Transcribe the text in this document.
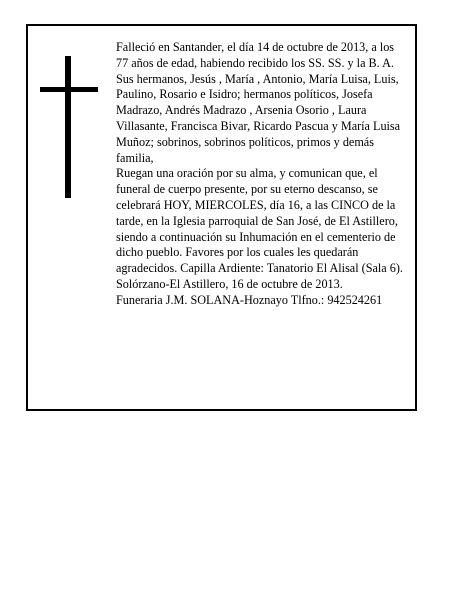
Falleció en Santander, el día 14 de octubre de 2013, a los 77 años de edad, habiendo recibido los SS. SS. y la B. A.

Sus hermanos, Jesús , María , Antonio, María Luisa, Luis, Paulino, Rosario e Isidro; hermanos políticos, Josefa Madrazo, Andrés Madrazo , Arsenia Osorio , Laura Villasante, Francisca Bivar, Ricardo Pascua y María Luisa Muñoz; sobrinos, sobrinos políticos, primos y demás familia,

Ruegan una oración por su alma, y comunican que, el funeral de cuerpo presente, por su eterno descanso, se celebrará HOY, MIERCOLES, día 16, a las CINCO de la tarde, en la Iglesia parroquial de San José, de El Astillero, siendo a continuación su Inhumación en el cementerio de dicho pueblo. Favores por los cuales les quedarán agradecidos. Capilla Ardiente: Tanatorio El Alisal (Sala 6).

Solórzano-El Astillero, 16 de octubre de 2013.

Funeraria J.M. SOLANA-Hoznayo Tlfno.: 942524261
